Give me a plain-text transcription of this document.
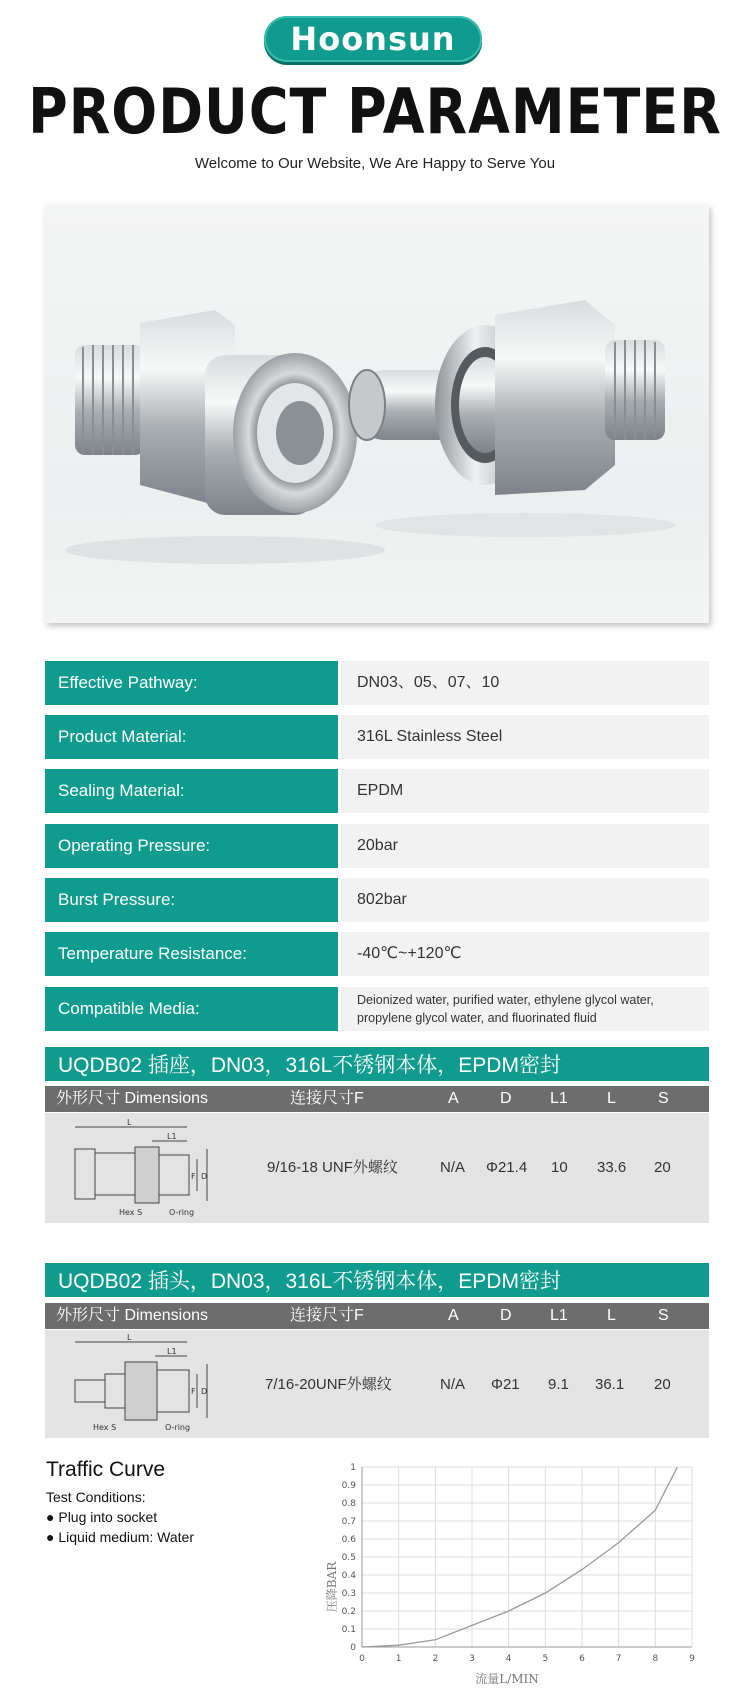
Hoonsun
PRODUCT PARAMETER
Welcome to Our Website, We Are Happy to Serve You
Effective Pathway:	DN03、05、07、10
Product Material:	316L Stainless Steel
Sealing Material:	EPDM
Operating Pressure:	20bar
Burst Pressure:	802bar
Temperature Resistance:	-40℃~+120℃
Compatible Media:	Deionized water, purified water, ethylene glycol water, propylene glycol water, and fluorinated fluid
UQDB02 插座，DN03，316L不锈钢本体，EPDM密封
外形尺寸 Dimensions	连接尺寸F	A	D L1 L	S
L
L1
F D
Hex S	O-ring
9/16-18 UNF外螺纹	N/A Φ21.4 10 33.6 20
UQDB02 插头，DN03，316L不锈钢本体，EPDM密封
外形尺寸 Dimensions	连接尺寸F	A	D L1 L	S
L
L1
F D
Hex S	O-ring
7/16-20UNF外螺纹	N/A Φ21 9.1 36.1 20
Traffic Curve
Test Conditions:
● Plug into socket
● Liquid medium: Water
0	1	2	3	4	5	6	7	8	9
0
0.1
0.2
0.3
0.4
0.5
0.6
0.7
0.8
0.9
1
流量L/MIN
压降BAR
